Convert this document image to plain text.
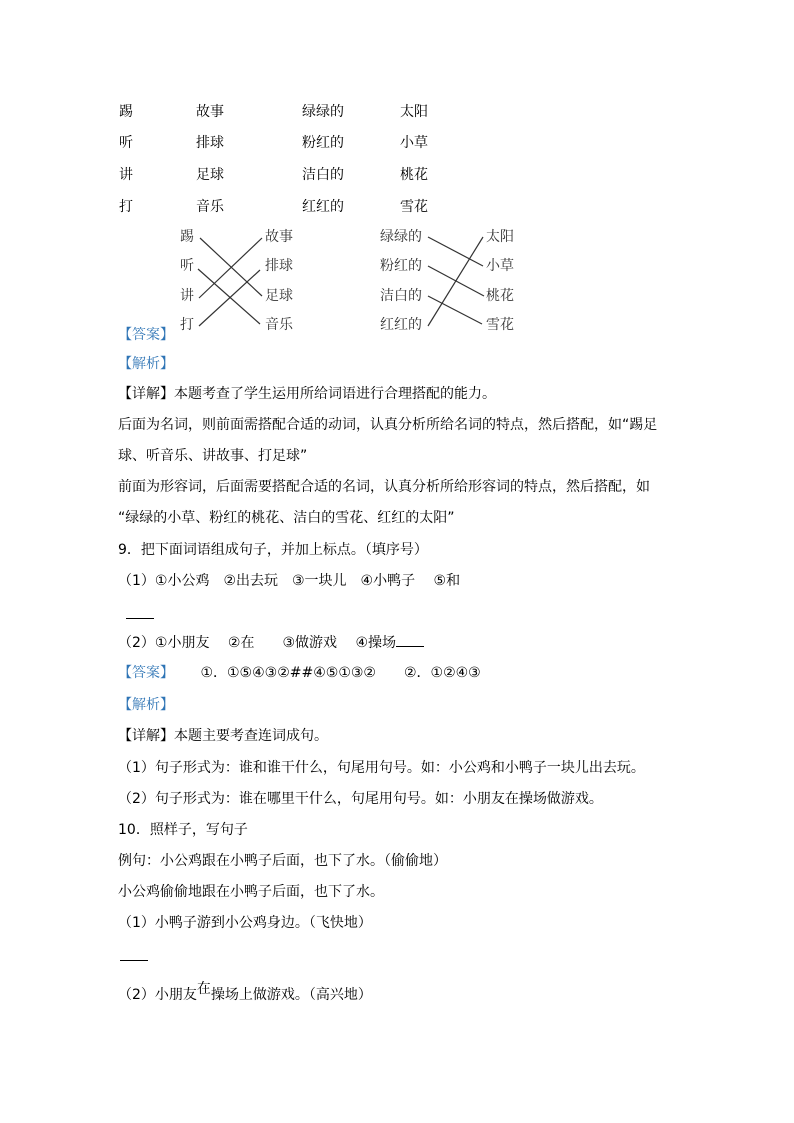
踢
听
讲
打
故事
排球
足球
音乐
绿绿的
粉红的
洁白的
红红的
太阳
小草
桃花
雪花
踢
听
讲
打
故事
排球
足球
音乐
绿绿的
粉红的
洁白的
红红的
太阳
小草
桃花
雪花
【答案】
【解析】
【详解】本题考查了学生运用所给词语进行合理搭配的能力。
后面为名词，则前面需搭配合适的动词，认真分析所给名词的特点，然后搭配，如“踢足
球、听音乐、讲故事、打足球”
前面为形容词，后面需要搭配合适的名词，认真分析所给形容词的特点，然后搭配，如
“绿绿的小草、粉红的桃花、洁白的雪花、红红的太阳”
9．把下面词语组成句子，并加上标点。（填序号）
（1）①小公鸡　②出去玩　③一块儿　④小鸭子　 ⑤和
（2）①小朋友　 ②在　　③做游戏　 ④操场
【答案】 ①．①⑤④③②##④⑤①③②　　②．①②④③
【解析】
【详解】本题主要考查连词成句。
（1）句子形式为：谁和谁干什么，句尾用句号。如：小公鸡和小鸭子一块儿出去玩。
（2）句子形式为：谁在哪里干什么，句尾用句号。如：小朋友在操场做游戏。
10．照样子，写句子
例句：小公鸡跟在小鸭子后面，也下了水。（偷偷地）
小公鸡偷偷地跟在小鸭子后面，也下了水。
（1）小鸭子游到小公鸡身边。（飞快地）
（2）小朋友在操场上做游戏。（高兴地）
